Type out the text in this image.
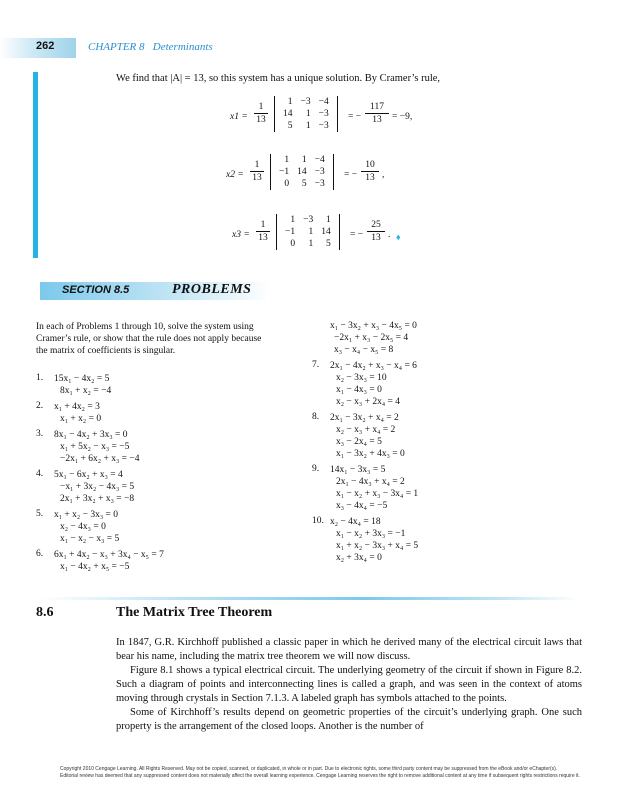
262	CHAPTER 8   Determinants
We find that |A| = 13, so this system has a unique solution. By Cramer’s rule,
x1 =
1
13
1	−3	−4
14	1	−3
5	1	−3
= −
117
13	= −9,
x2 =
1
13
1	1	−4
−1	14	−3
0	5	−3
= −
10
13 ,
x3 =
1
13
1	−3	1
−1	1	14
0	1	5
= −
25
13 . ♦
SECTION 8.5	PROBLEMS
In each of Problems 1 through 10, solve the system using
Cramer’s rule, or show that the rule does not apply because
the matrix of coefficients is singular.
1. 15x₁ − 4x₂ = 5
8x₁ + x₂ = −4
2. x₁ + 4x₂ = 3
x₁ + x₂ = 0
3. 8x₁ − 4x₂ + 3x₃ = 0
x₁ + 5x₂ − x₃ = −5
−2x₁ + 6x₂ + x₃ = −4
4. 5x₁ − 6x₂ + x₃ = 4
−x₁ + 3x₂ − 4x₃ = 5
2x₁ + 3x₂ + x₃ = −8
5. x₁ + x₂ − 3x₃ = 0
x₂ − 4x₃ = 0
x₁ − x₂ − x₃ = 5
6. 6x₁ + 4x₂ − x₃ + 3x₄ − x₅ = 7
x₁ − 4x₂ + x₅ = −5
x₁ − 3x₂ + x₃ − 4x₅ = 0
−2x₁ + x₃ − 2x₅ = 4
x₃ − x₄ − x₅ = 8
7. 2x₁ − 4x₂ + x₃ − x₄ = 6
x₂ − 3x₃ = 10
x₁ − 4x₃ = 0
x₂ − x₃ + 2x₄ = 4
8. 2x₁ − 3x₂ + x₄ = 2
x₂ − x₃ + x₄ = 2
x₃ − 2x₄ = 5
x₁ − 3x₂ + 4x₃ = 0
9. 14x₁ − 3x₃ = 5
2x₁ − 4x₃ + x₄ = 2
x₁ − x₂ + x₃ − 3x₄ = 1
x₃ − 4x₄ = −5
10. x₂ − 4x₄ = 18
x₁ − x₂ + 3x₃ = −1
x₁ + x₂ − 3x₃ + x₄ = 5
x₂ + 3x₄ = 0
8.6	The Matrix Tree Theorem

In 1847, G.R. Kirchhoff published a classic paper in which he derived many of the electrical circuit laws that bear his name, including the matrix tree theorem we will now discuss.

Figure 8.1 shows a typical electrical circuit. The underlying geometry of the circuit if shown in Figure 8.2. Such a diagram of points and interconnecting lines is called a graph, and was seen in the context of atoms moving through crystals in Section 7.1.3. A labeled graph has symbols attached to the points.

Some of Kirchhoff’s results depend on geometric properties of the circuit’s underlying graph. One such property is the arrangement of the closed loops. Another is the number of

Copyright 2010 Cengage Learning. All Rights Reserved. May not be copied, scanned, or duplicated, in whole or in part. Due to electronic rights, some third party content may be suppressed from the eBook and/or eChapter(s).
Editorial review has deemed that any suppressed content does not materially affect the overall learning experience. Cengage Learning reserves the right to remove additional content at any time if subsequent rights restrictions require it.
